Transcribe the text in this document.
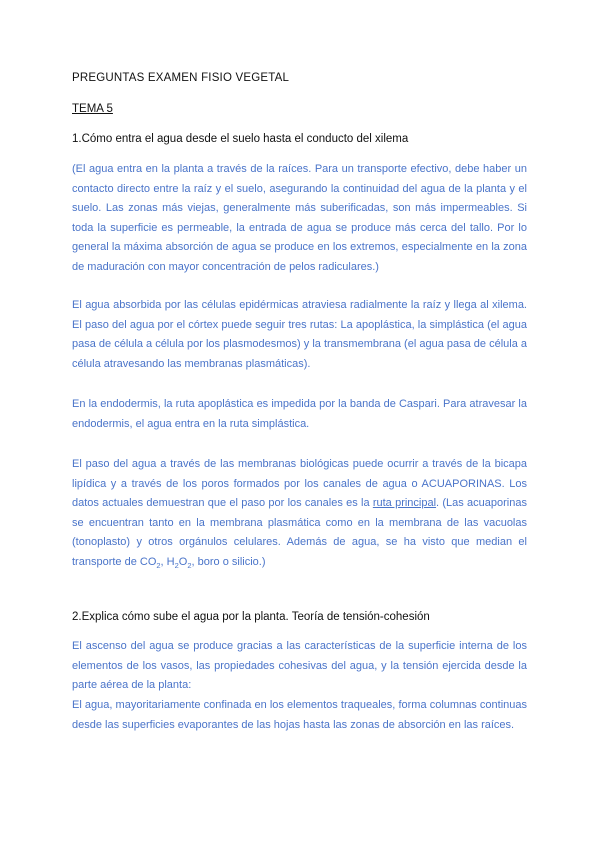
PREGUNTAS EXAMEN FISIO VEGETAL
TEMA 5
1.Cómo entra el agua desde el suelo hasta el conducto del xilema

(El agua entra en la planta a través de la raíces. Para un transporte efectivo, debe haber un contacto directo entre la raíz y el suelo, asegurando la continuidad del agua de la planta y el suelo. Las zonas más viejas, generalmente más suberificadas, son más impermeables. Si toda la superficie es permeable, la entrada de agua se produce más cerca del tallo. Por lo general la máxima absorción de agua se produce en los extremos, especialmente en la zona de maduración con mayor concentración de pelos radiculares.)

El agua absorbida por las células epidérmicas atraviesa radialmente la raíz y llega al xilema. El paso del agua por el córtex puede seguir tres rutas: La apoplástica, la simplástica (el agua pasa de célula a célula por los plasmodesmos) y la transmembrana (el agua pasa de célula a célula atravesando las membranas plasmáticas).

En la endodermis, la ruta apoplástica es impedida por la banda de Caspari. Para atravesar la endodermis, el agua entra en la ruta simplástica.

El paso del agua a través de las membranas biológicas puede ocurrir a través de la bicapa lipídica y a través de los poros formados por los canales de agua o ACUAPORINAS. Los datos actuales demuestran que el paso por los canales es la ruta principal. (Las acuaporinas se encuentran tanto en la membrana plasmática como en la membrana de las vacuolas (tonoplasto) y otros orgánulos celulares. Además de agua, se ha visto que median el transporte de $CO_2$, $H_2O_2$, boro o silicio.)

2.Explica cómo sube el agua por la planta. Teoría de tensión-cohesión

El ascenso del agua se produce gracias a las características de la superficie interna de los elementos de los vasos, las propiedades cohesivas del agua, y la tensión ejercida desde la parte aérea de la planta:

El agua, mayoritariamente confinada en los elementos traqueales, forma columnas continuas desde las superficies evaporantes de las hojas hasta las zonas de absorción en las raíces.
